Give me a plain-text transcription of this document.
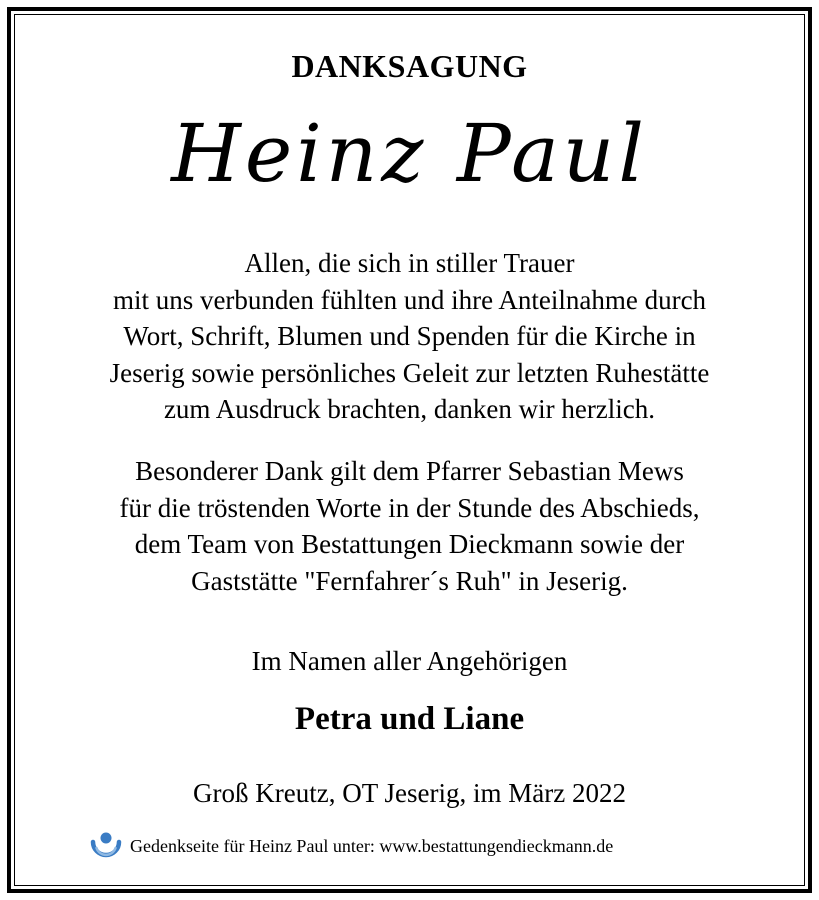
DANKSAGUNG
Heinz Paul
Allen, die sich in stiller Trauer
mit uns verbunden fühlten und ihre Anteilnahme durch
Wort, Schrift, Blumen und Spenden für die Kirche in
Jeserig sowie persönliches Geleit zur letzten Ruhestätte
zum Ausdruck brachten, danken wir herzlich.
Besonderer Dank gilt dem Pfarrer Sebastian Mews
für die tröstenden Worte in der Stunde des Abschieds,
dem Team von Bestattungen Dieckmann sowie der
Gaststätte "Fernfahrer´s Ruh" in Jeserig.
Im Namen aller Angehörigen
Petra und Liane
Groß Kreutz, OT Jeserig, im März 2022
Gedenkseite für Heinz Paul unter: www.bestattungendieckmann.de
